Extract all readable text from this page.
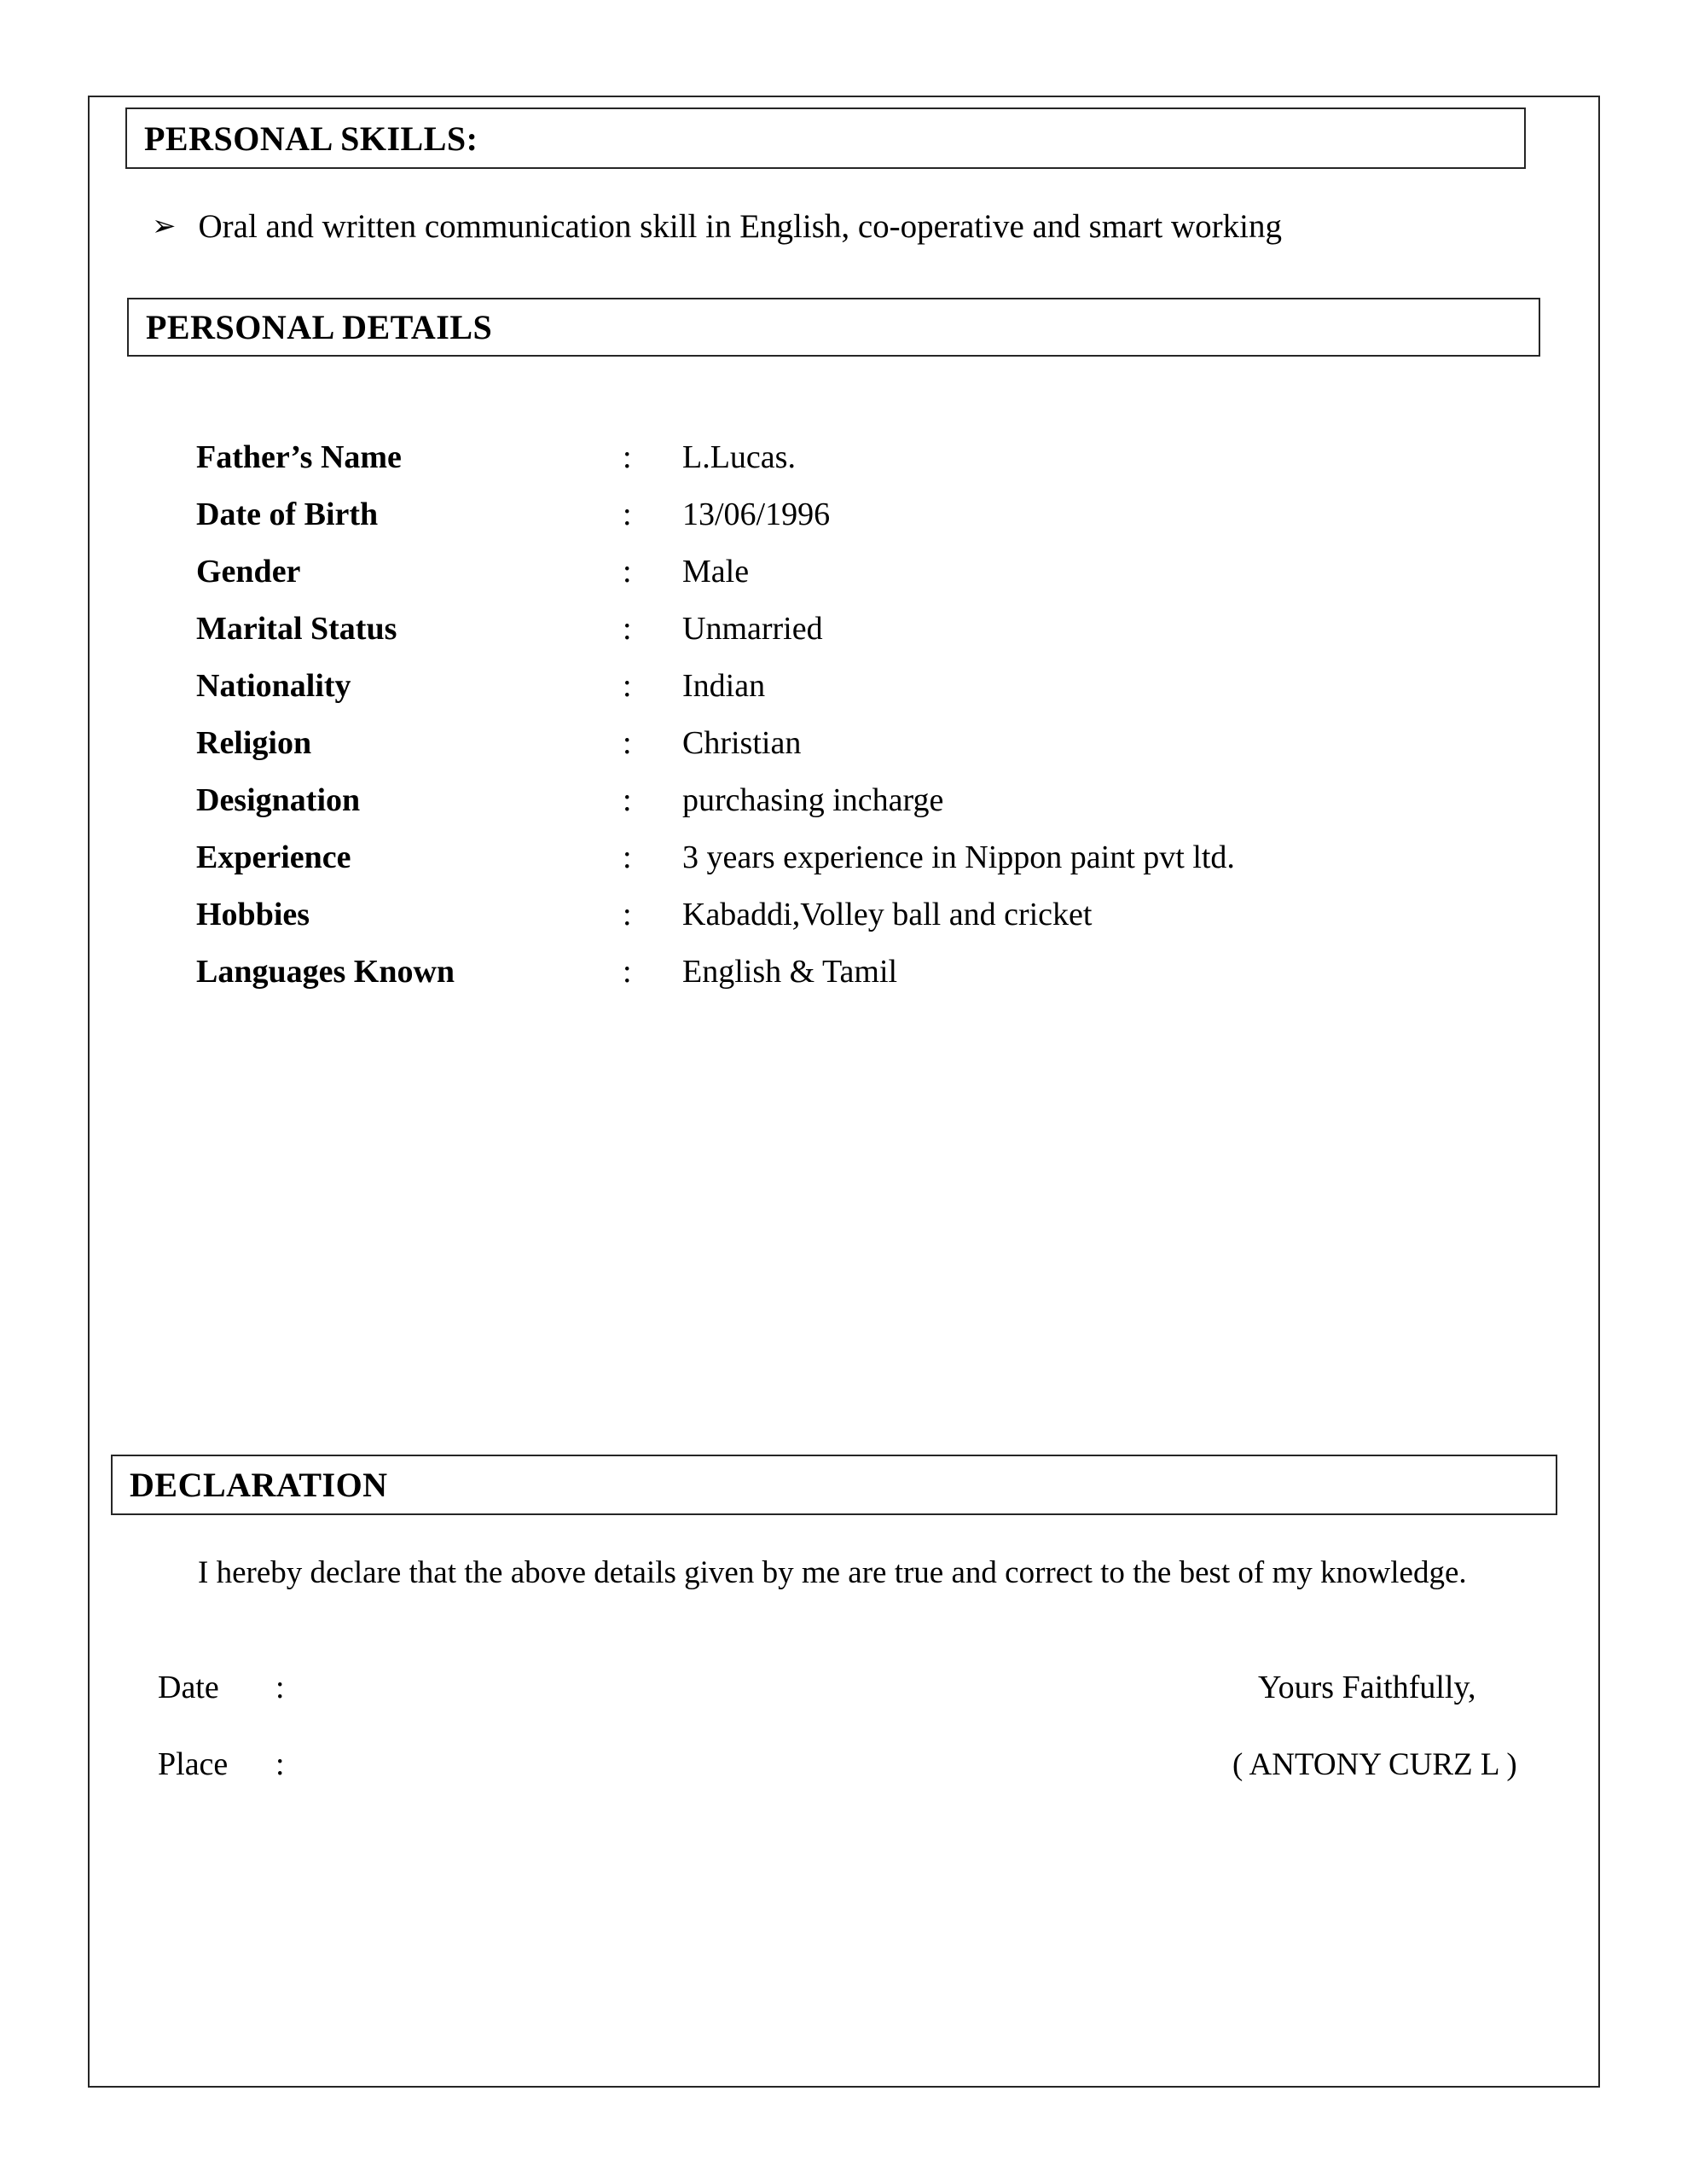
PERSONAL SKILLS:
➢ Oral and written communication skill in English, co-operative and smart working
PERSONAL DETAILS
Father’s Name	:	L.Lucas.
Date of Birth	:	13/06/1996
Gender	:	Male
Marital Status	:	Unmarried
Nationality	:	Indian
Religion	:	Christian
Designation	:	purchasing incharge
Experience	:	3 years experience in Nippon paint pvt ltd.
Hobbies	:	Kabaddi,Volley ball and cricket
Languages Known	:	English & Tamil
DECLARATION
I hereby declare that the above details given by me are true and correct to the best of my knowledge.
Date :	Yours Faithfully,
Place :	( ANTONY CURZ L )
